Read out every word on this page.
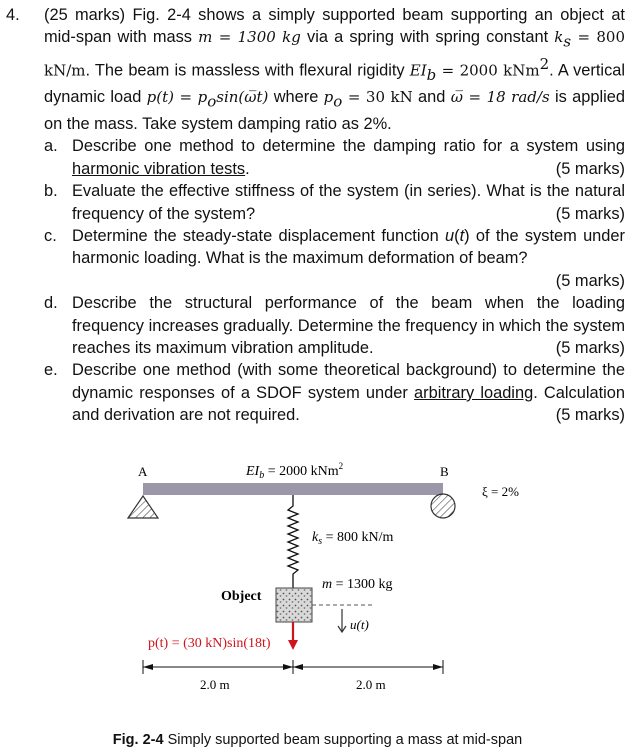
4. (25 marks) Fig. 2-4 shows a simply supported beam supporting an object at mid-span with mass m = 1300 kg via a spring with spring constant $k_s = 800$ kN/m. The beam is massless with flexural rigidity $EI_b = 2000$ kNm$^2$. A vertical dynamic load $p(t) = p_o\sin(\omega̅t)$ where $p_o = 30$ kN and ω̅ = 18 rad/s is applied on the mass. Take system damping ratio as 2%.
a. Describe one method to determine the damping ratio for a system using harmonic vibration tests.	(5 marks)
b. Evaluate the effective stiffness of the system (in series). What is the natural frequency of the system?	(5 marks)
c. Determine the steady-state displacement function u(t) of the system under harmonic loading. What is the maximum deformation of beam?
(5 marks)
d. Describe the structural performance of the beam when the loading frequency increases gradually. Determine the frequency in which the system reaches its maximum vibration amplitude.	(5 marks)
e. Describe one method (with some theoretical background) to determine the dynamic responses of a SDOF system under arbitrary loading. Calculation and derivation are not required.	(5 marks)
A	B
$EI_b = 2000$ kNm$^2$
ξ = 2%
$k_s = 800$ kN/m
m = 1300 kg
Object
u(t)
p(t) = (30 kN)sin(18t)
2.0 m	2.0 m
Fig. 2-4 Simply supported beam supporting a mass at mid-span
